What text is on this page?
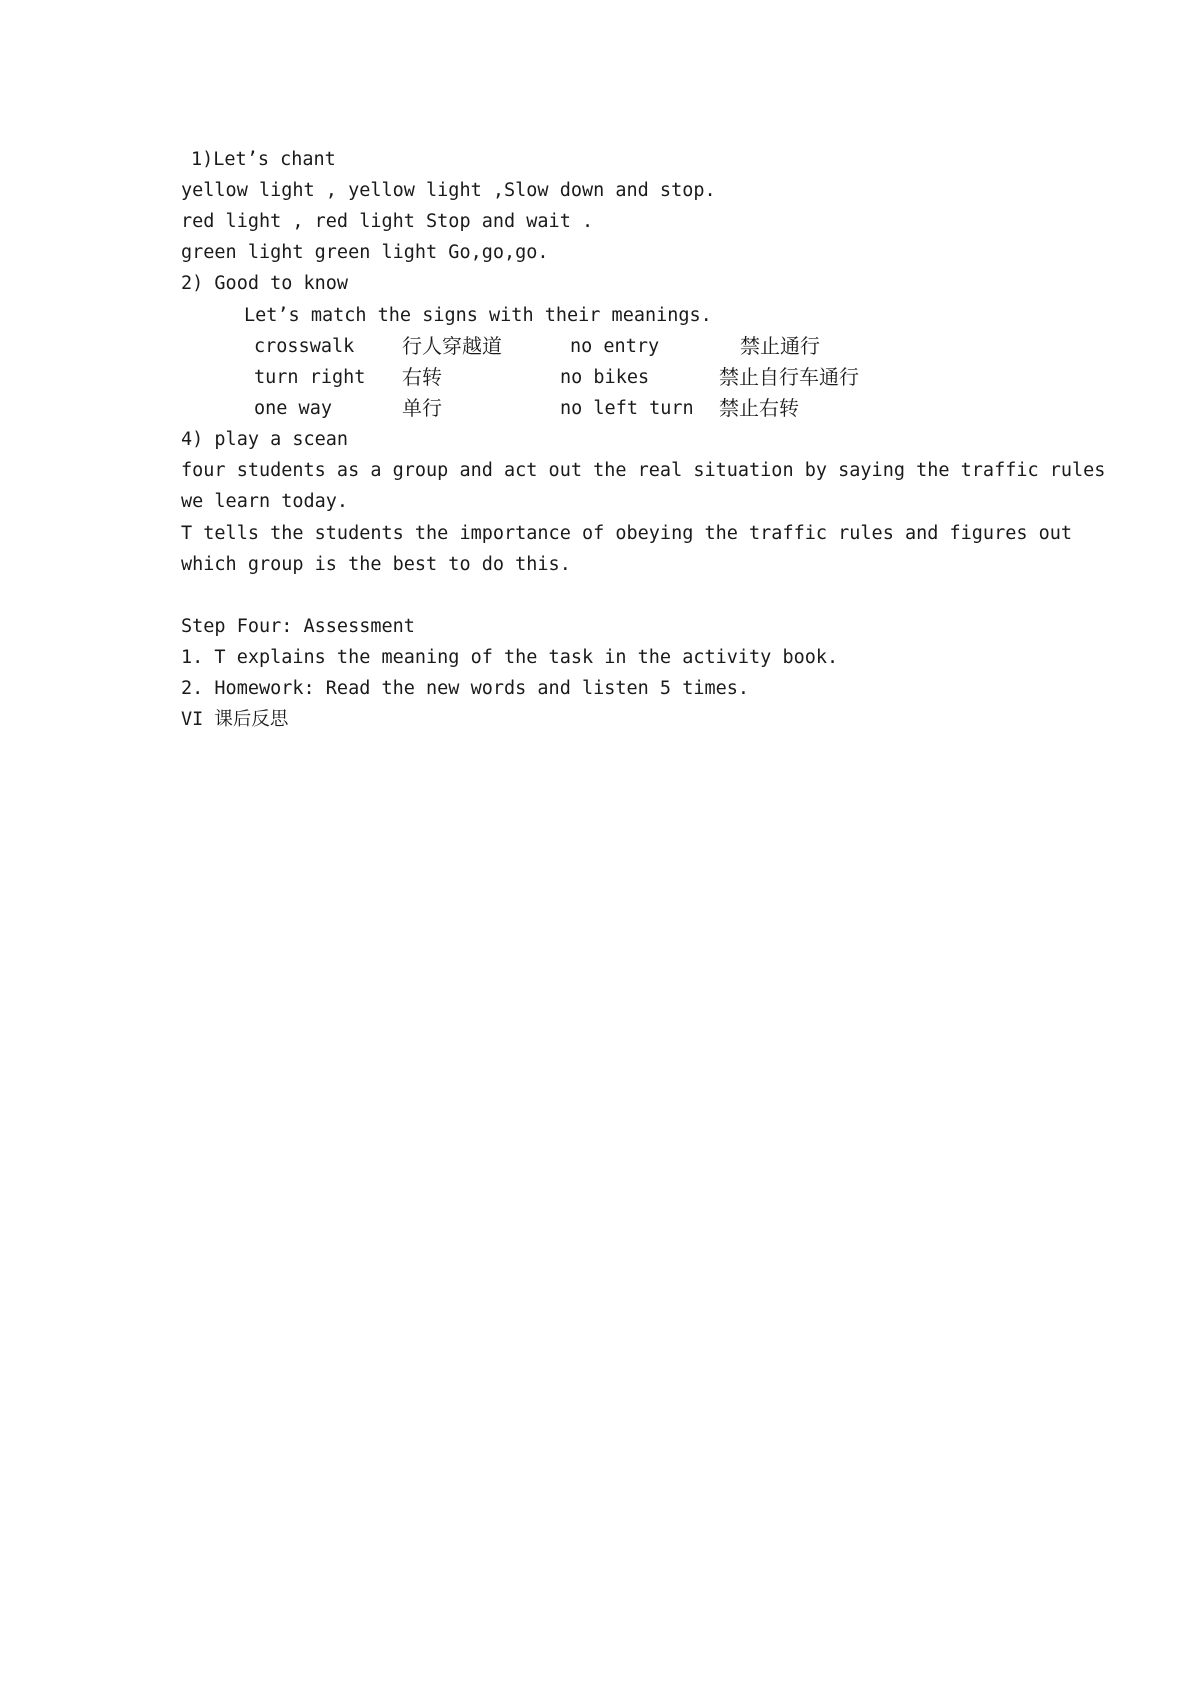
1)Let’s chant
yellow light , yellow light ,Slow down and stop.
red light , red light Stop and wait .
green light green light Go,go,go.
2) Good to know
Let’s match the signs with their meanings.
crosswalk 行人穿越道	no entry	禁止通行
turn right 右转	no bikes	禁止自行车通行
one way	单行	no left turn 禁止右转
4) play a scean
four students as a group and act out the real situation by saying the traffic rules
we learn today.
T tells the students the importance of obeying the traffic rules and figures out
which group is the best to do this.
Step Four: Assessment
1. T explains the meaning of the task in the activity book.
2. Homework: Read the new words and listen 5 times.
VI 课后反思
